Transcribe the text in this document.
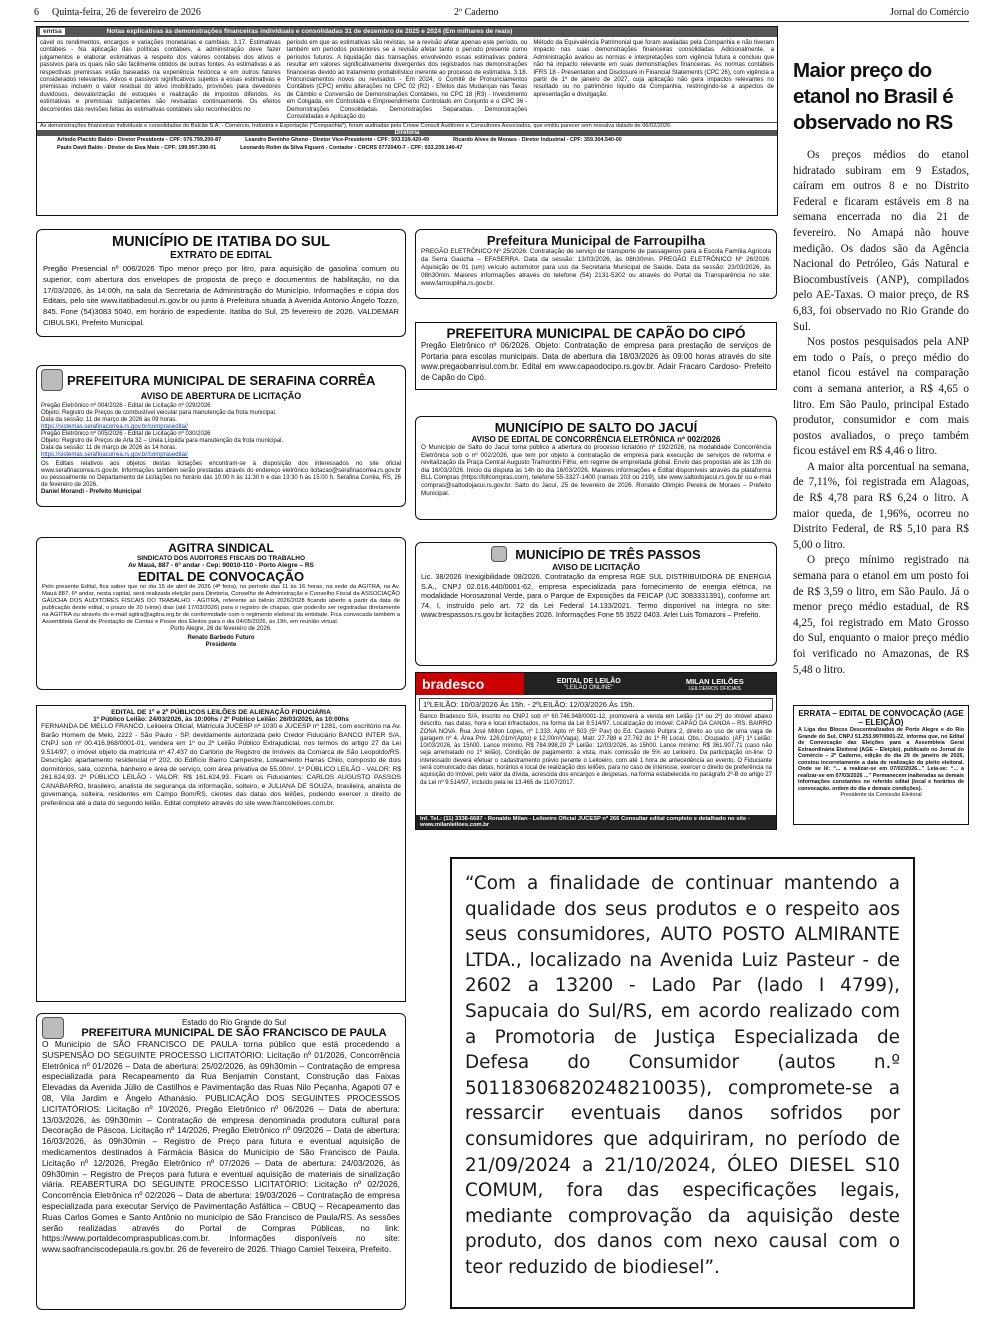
6 Quinta-feira, 26 de fevereiro de 2026	2º Caderno	Jornal do Comércio
emtsa	Notas explicativas às demonstrações financeiras individuais e consolidadas 31 de dezembro de 2025 e 2024 (Em milhares de reais)
cável os rendimentos, encargos e variações monetárias e cambiais. 3.17. Estimativas contábeis - Na aplicação das políticas contábeis, a administração deve fazer julgamentos e elaborar estimativas a respeito dos valores contábeis dos ativos e passivos para os quais não são facilmente obtidos de outras fontes. As estimativas e as respectivas premissas estão baseadas na experiência histórica e em outros fatores considerados relevantes. Ativos e passivos significativos sujeitos a essas estimativas e premissas incluem o valor residual do ativo imobilizado, provisões para devedores duvidosos, desvalorização de estoques e realização de impostos diferidos. As estimativas e premissas subjacentes são revisadas continuamente. Os efeitos decorrentes das revisões feitas às estimativas contábeis são reconhecidos no
período em que as estimativas são revistas, se a revisão afetar apenas este período, ou também em períodos posteriores se a revisão afetar tanto o período presente como períodos futuros. A liquidação das transações envolvendo essas estimativas poderá resultar em valores significativamente divergentes dos registrados nas demonstrações financeiras devido ao tratamento probabilístico inerente ao processo de estimativa. 3.18. Pronunciamentos novos ou revisados - Em 2024, o Comitê de Pronunciamentos Contábeis (CPC) emitiu alterações no CPC 02 (R2) - Efeitos das Mudanças nas Taxas de Câmbio e Conversão de Demonstrações Contábeis, no CPC 18 (R3) - Investimento em Coligada, em Controlada e Empreendimento Controlado em Conjunto e o CPC 36 - Demonstrações Consolidadas. Demonstrações Separadas. Demonstrações Consolidadas e Aplicação do
Método da Equivalência Patrimonial que foram avaliadas pela Companhia e não tiveram impacto nas suas demonstrações financeiras consolidadas. Adicionalmente, a Administração avaliou as normas e interpretações com vigência futura e concluiu que não há impacto relevante em suas demonstrações financeiras. As normas contábeis IFRS 18 - Presentation and Disclosure in Financial Statements (CPC 26), com vigência a partir de 1º de janeiro de 2027, cuja aplicação não gera impactos relevantes no resultado ou no patrimônio líquido da Companhia, restringindo-se a aspectos de apresentação e divulgação.
As demonstrações financeiras individuais e consolidadas do Balcão S.A. - Comércio, Indústria e Exportação ("Companhia"), foram auditadas pela Crowe Consult Auditores e Consultores Associados, que emitiu parecer sem ressalva datado de 06/02/2026.
Diretoria
Arlindo Placido Baldo - Diretor Presidente - CPF: 076.799.200-87	Leandro Beninho Gheno - Diretor Vice-Presidente - CPF: 503.539.420-49	Ricardo Alves de Moraes - Diretor Industrial - CPF: 359.304.540-00
Paulo Davit Baldo - Diretor de Eiva Mate - CPF: 199.997.390-91	Leonardo Rolim da Silva Figueró - Contador - CRCRS 077204/0-7 - CPF: 033.239.140-47
MUNICÍPIO DE ITATIBA DO SUL
EXTRATO DE EDITAL
Pregão Presencial nº 006/2026 Tipo menor preço por litro, para aquisição de gasolina comum ou superior, com abertura dos envelopes de proposta de preço e documentos de habilitação, no dia 17/03/2026, às 14:00h, na sala da Secretaria de Administração do Município. Informações e cópia dos Editais, pelo site www.itatibadosul.rs.gov.br ou junto à Prefeitura situada à Avenida Antonio Ângelo Tozzo, 845. Fone (54)3083 5040, em horário de expediente. Itatiba do Sul, 25 fevereiro de 2026. VALDEMAR CIBULSKI, Prefeito Municipal.
PREFEITURA MUNICIPAL DE SERAFINA CORRÊA
AVISO DE ABERTURA DE LICITAÇÃO
Pregão Eletrônico nº 004/2026 - Edital de Licitação nº 029/2026
Objeto: Registro de Preços de combustível veicular para manutenção da frota municipal.
Data da sessão: 11 de março de 2026 às 09 horas.
https://sistemas.serafinacorrea.rs.gov.br/compraseditai/
Pregão Eletrônico nº 005/2026 - Edital de Licitação nº 030/2026
Objeto: Registro de Preços de Arla 32 – Ureia Líquida para manutenção da frota municipal.
Data da sessão: 11 de março de 2026 às 14 horas.
https://sistemas.serafinacorrea.rs.gov.br/compraseditai/
Os Editais relativos aos objetos destas licitações encontram-se à disposição dos interessados no site oficial www.serafinacorrea.rs.gov.br. Informações também serão prestadas através do endereço eletrônico licitacao@serafinacorrea.rs.gov.br ou pessoalmente no Departamento de Licitações no horário das 10:00 h às 11:30 h e das 13:30 h às 15:00 h. Serafina Corrêa, RS, 26 de fevereiro de 2026.
Daniel Morandi - Prefeito Municipal
AGITRA SINDICAL
SINDICATO DOS AUDITORES FISCAIS DO TRABALHO
Av Mauá, 887 - 6º andar - Cep: 90010-110 - Porto Alegre – RS
EDITAL DE CONVOCAÇÃO
Pelo presente Edital, fica saber que no dia 15 de abril de 2026 (4ª feira), no período das 11 às 16 horas, na sede da AGITRA, na Av. Mauá 887, 6º andar, nesta capital, será realizada eleição para Diretoria, Conselho de Administração e Conselho Fiscal da ASSOCIAÇÃO GAÚCHA DOS AUDITORES FISCAIS DO TRABALHO - AGITRA, referente ao biênio 2026/2028 ficando aberto a partir da data de publicação deste edital, o prazo de 20 (vinte) dias (até 17/03/2026) para o registro de chapas, que poderão ser registradas diretamente na AGITRA ou através do e-mail agitra@agitra.org.br de conformidade com o regimento eleitoral da entidade. Fica convocada também a Assembleia Geral de Prestação de Contas e Posse dos Eleitos para o dia 04/05/2026, às 19h, em reunião virtual.
Porto Alegre, 26 de fevereiro de 2026.
Renato Barbedo Futuro
Presidente
EDITAL DE 1º e 2º PÚBLICOS LEILÕES DE ALIENAÇÃO FIDUCIÁRIA
1º Público Leilão: 24/03/2026, às 10:00hs / 2º Público Leilão: 26/03/2026, às 10:00hs
FERNANDA DE MELLO FRANCO, Leiloeira Oficial, Matrícula JUCESP nº 1030 e JUCESP nº 1281, com escritório na Av. Barão Homem de Melo, 2222 - São Paulo - SP, devidamente autorizada pelo Credor Fiduciário BANCO INTER S/A, CNPJ sob nº 00.416.968/0001-01, vendera em 1º ou 2º Leilão Público Extrajudicial, nos termos do artigo 27 da Lei 9.514/97, o imóvel objeto da matrícula nº 47.437 do Cartório de Registro de Imóveis da Comarca de São Leopoldo/RS. Descrição: apartamento residencial nº 202, do Edifício Bairro Campestre, Loteamento Harras Chilo, composto de dois dormitórios, sala, cozinha, banheiro e área de serviço, com área privativa de 55,00m². 1º PÚBLICO LEILÃO - VALOR: R$ 261.624,93. 2º PÚBLICO LEILÃO - VALOR: R$ 161.624,93. Ficam os Fiduciantes: CARLOS AUGUSTO PASSOS CANABARRO, brasileiro, analista de segurança da informação, solteiro, e JULIANA DE SOUZA, brasileira, analista de governança, solteira, residentes em Campo Bom/RS, cientes das datas dos leilões, podendo exercer o direito de preferência até a data do segundo leilão. Edital completo através do site www.francoleiloes.com.br.
Estado do Rio Grande do Sul
PREFEITURA MUNICIPAL DE SÃO FRANCISCO DE PAULA
O Município de SÃO FRANCISCO DE PAULA torna público que está procedendo a SUSPENSÃO DO SEGUINTE PROCESSO LICITATÓRIO: Licitação nº 01/2026, Concorrência Eletrônica nº 01/2026 – Data de abertura: 25/02/2026, às 09h30min – Contratação de empresa especializada para Recapeamento da Rua Benjamin Constant, Construção das Faixas Elevadas da Avenida Júlio de Castilhos e Pavimentação das Ruas Nilo Peçanha, Agapoti 07 e 08, Vila Jardim e Ângelo Athanásio. PUBLICAÇÃO DOS SEGUINTES PROCESSOS LICITATÓRIOS: Licitação nº 10/2026, Pregão Eletrônico nº 06/2026 – Data de abertura: 13/03/2026, às 09h30min – Contratação de empresa denominada produtora cultural para Decoração de Páscoa. Licitação nº 14/2026, Pregão Eletrônico nº 09/2026 – Data de abertura: 16/03/2026, às 09h30min – Registro de Preço para futura e eventual aquisição de medicamentos destinados à Farmácia Básica do Município de São Francisco de Paula. Licitação nº 12/2026, Pregão Eletrônico nº 07/2026 – Data de abertura: 24/03/2026, às 09h30min – Registro de Preços para futura e eventual aquisição de materiais de sinalização viária. REABERTURA DO SEGUINTE PROCESSO LICITATÓRIO: Licitação nº 02/2026, Concorrência Eletrônica nº 02/2026 – Data de abertura: 19/03/2026 – Contratação de empresa especializada para executar Serviço de Pavimentação Asfáltica – CBUQ – Recapeamento das Ruas Carlos Gomes e Santo Antônio no município de São Francisco de Paula/RS. As sessões serão realizadas através do Portal de Compras Públicas, no link: https://www.portaldecompraspublicas.com.br. Informações disponíveis no site: www.saofranciscodepaula.rs.gov.br. 26 de fevereiro de 2026. Thiago Camiel Teixeira, Prefeito.
Prefeitura Municipal de Farroupilha
PREGÃO ELETRÔNICO Nº 25/2026: Contratação de serviço de transporte de passageiros para a Escola Família Agrícola da Serra Gaúcha – EFASERRA. Data da sessão: 13/03/2026, às 08h30min. PREGÃO ELETRÔNICO Nº 26/2026: Aquisição de 01 (um) veículo automotor para uso da Secretaria Municipal de Saúde. Data da sessão: 23/03/2026, às 08h30min. Maiores informações através do telefone (54) 2131-5302 ou através do Portal da Transparência no site: www.farroupilha.rs.gov.br.
PREFEITURA MUNICIPAL DE CAPÃO DO CIPÓ
Pregão Eletrônico nº 06/2026. Objeto: Contratação de empresa para prestação de serviços de Portaria para escolas municipais. Data de abertura dia 18/03/2026 às 09:00 horas através do site www.pregaobanrisul.com.br. Edital em www.capaodocipo.rs.gov.br. Adair Fracaro Cardoso- Prefeito de Capão do Cipó.
MUNICÍPIO DE SALTO DO JACUÍ
AVISO DE EDITAL DE CONCORRÊNCIA ELETRÔNICA nº 002/2026
O Município de Salto do Jacuí torna público a abertura do processo licitatório nº 192/2026, na modalidade Concorrência Eletrônica sob o nº 002/2026, que tem por objeto a contratação de empresa para execução de serviços de reforma e revitalização da Praça Central Augusto Tramontini Filho, em regime de empreitada global. Envio das propostas até às 13h do dia 16/03/2026. Início da disputa às 14h do dia 16/03/2026. Maiores informações e Edital disponíveis através da plataforma BLL Compras (https://bllcompras.com), telefone 55-3327-1400 (ramais 203 ou 219), site www.saltodojacui.rs.gov.br ou e-mail compras@saltodojacui.rs.gov.br. Salto do Jacuí, 25 de fevereiro de 2026. Ronaldo Olimpio Pereira de Moraes – Prefeito Municipal.
MUNICÍPIO DE TRÊS PASSOS
AVISO DE LICITAÇÃO
Lic. 38/2026 Inexigibilidade 08/2026. Contratação da empresa RGE SUL DISTRIBUIDORA DE ENERGIA S.A., CNPJ 02.016.440/0001-62, empresa especializada para fornecimento de energia elétrica, na modalidade Horosazonal Verde, para o Parque de Exposições da FEICAP (UC 3083331391), conforme art. 74, I, instruído pelo art. 72 da Lei Federal 14.133/2021. Termo disponível na íntegra no site: www.trespassos.rs.gov.br licitações 2026. Informações Fone 55 3522 0403. Arlei Luis Tomazoni – Prefeito.
bradesco	EDITAL DE LEILÃO
"LEILÃO ONLINE"
MILAN LEILÕES
LEILOEIROS OFICIAIS
1ºLEILÃO: 10/03/2026 Às 15h. - 2ºLEILÃO: 12/03/2026 Às 15h.
Banco Bradesco S/A, inscrito no CNPJ sob nº 60.746.948/0001-12, promoverá a venda em Leilão (1º ou 2º) do imóvel abaixo descrito, nas datas, hora e local infracitados, na forma da Lei 9.514/97. Localização do imóvel: CAPÃO DA CANOA – RS. BAIRRO ZONA NOVA. Rua José Milton Lopes, nº 1.333. Apto nº 503 (5º Pav) do Ed. Castelo Putipra 2, direito ao uso de uma vaga de garagem nº 4. Área Priv. 126,01m²(Apto) e 12,00m²(Vaga). Matr. 27.788 e 27.762 do 1º RI Local. Obs.: Ocupado. (AF) 1º Leilão: 10/03/2026, às 15h00. Lance mínimo: R$ 784.998,20 2º Leilão: 12/03/2026, às 15h00. Lance mínimo: R$ 361.907,71 (caso não seja arrematado no 1º leilão). Condição de pagamento: à vista, mais comissão de 5% ao Leiloeiro. Da participação on-line: O interessado deverá efetuar o cadastramento prévio perante o Leiloeiro, com até 1 hora de antecedência ao evento. O Fiduciante será comunicado das datas, horários e local de realização dos leilões, para no caso de interesse, exercer o direito de preferência na aquisição do imóvel, pelo valor da dívida, acrescida dos encargos e despesas, na forma estabelecida no parágrafo 2º-B do artigo 27 da Lei nº 9.514/97, incluído pela lei 13.465 de 11/07/2017.
Inf. Tel.: (11) 3336-6687 - Ronaldo Milan - Leiloeiro Oficial JUCESP nº 266 Consultar edital completo e detalhado no site - www.milanleiloes.com.br
Maior preço do etanol no Brasil é observado no RS

Os preços médios do etanol hidratado subiram em 9 Estados, caíram em outros 8 e no Distrito Federal e ficaram estáveis em 8 na semana encerrada no dia 21 de fevereiro. No Amapá não houve medição. Os dados são da Agência Nacional do Petróleo, Gás Natural e Biocombustíveis (ANP), compilados pelo AE-Taxas. O maior preço, de R$ 6,83, foi observado no Rio Grande do Sul.

Nos postos pesquisados pela ANP em todo o País, o preço médio do etanol ficou estável na comparação com a semana anterior, a R$ 4,65 o litro. Em São Paulo, principal Estado produtor, consumidor e com mais postos avaliados, o preço também ficou estável em R$ 4,46 o litro.

A maior alta porcentual na semana, de 7,11%, foi registrada em Alagoas, de R$ 4,78 para R$ 6,24 o litro. A maior queda, de 1,96%, ocorreu no Distrito Federal, de R$ 5,10 para R$ 5,00 o litro.

O preço mínimo registrado na semana para o etanol em um posto foi de R$ 3,59 o litro, em São Paulo. Já o menor preço médio estadual, de R$ 4,25, foi registrado em Mato Grosso do Sul, enquanto o maior preço médio foi verificado no Amazonas, de R$ 5,48 o litro.

ERRATA – EDITAL DE CONVOCAÇÃO (AGE – ELEIÇÃO)
A Liga dos Blocos Descentralizados de Porto Alegre e do Rio Grande do Sul, CNPJ 51.253.997/0001-22, informa que, no Edital de Convocação das Eleições para a Assembleia Geral Extraordinária Eleitoral (AGE – Eleição), publicado no Jornal do Comércio – 2º Caderno, edição do dia 29 de janeiro de 2026, constou incorretamente a data de realização do pleito eleitoral. Onde se lê: “... a realizar-se em 07/02/2026...” Leia-se: “... a realizar-se em 07/03/2026 ...” Permanecem inalteradas as demais informações constantes no referido edital (local e horários de convocação, ordem do dia e demais condições).
Presidente da Comissão Eleitoral
“Com a finalidade de continuar mantendo a qualidade dos seus produtos e o respeito aos seus consumidores, AUTO POSTO ALMIRANTE LTDA., localizado na Avenida Luiz Pasteur - de 2602 a 13200 - Lado Par (lado I 4799), Sapucaia do Sul/RS, em acordo realizado com a Promotoria de Justiça Especializada de Defesa do Consumidor (autos n.º 50118306820248210035), compromete-se a ressarcir eventuais danos sofridos por consumidores que adquiriram, no período de 21/09/2024 a 21/10/2024, ÓLEO DIESEL S10 COMUM, fora das especificações legais, mediante comprovação da aquisição deste produto, dos danos com nexo causal com o teor reduzido de biodiesel”.
